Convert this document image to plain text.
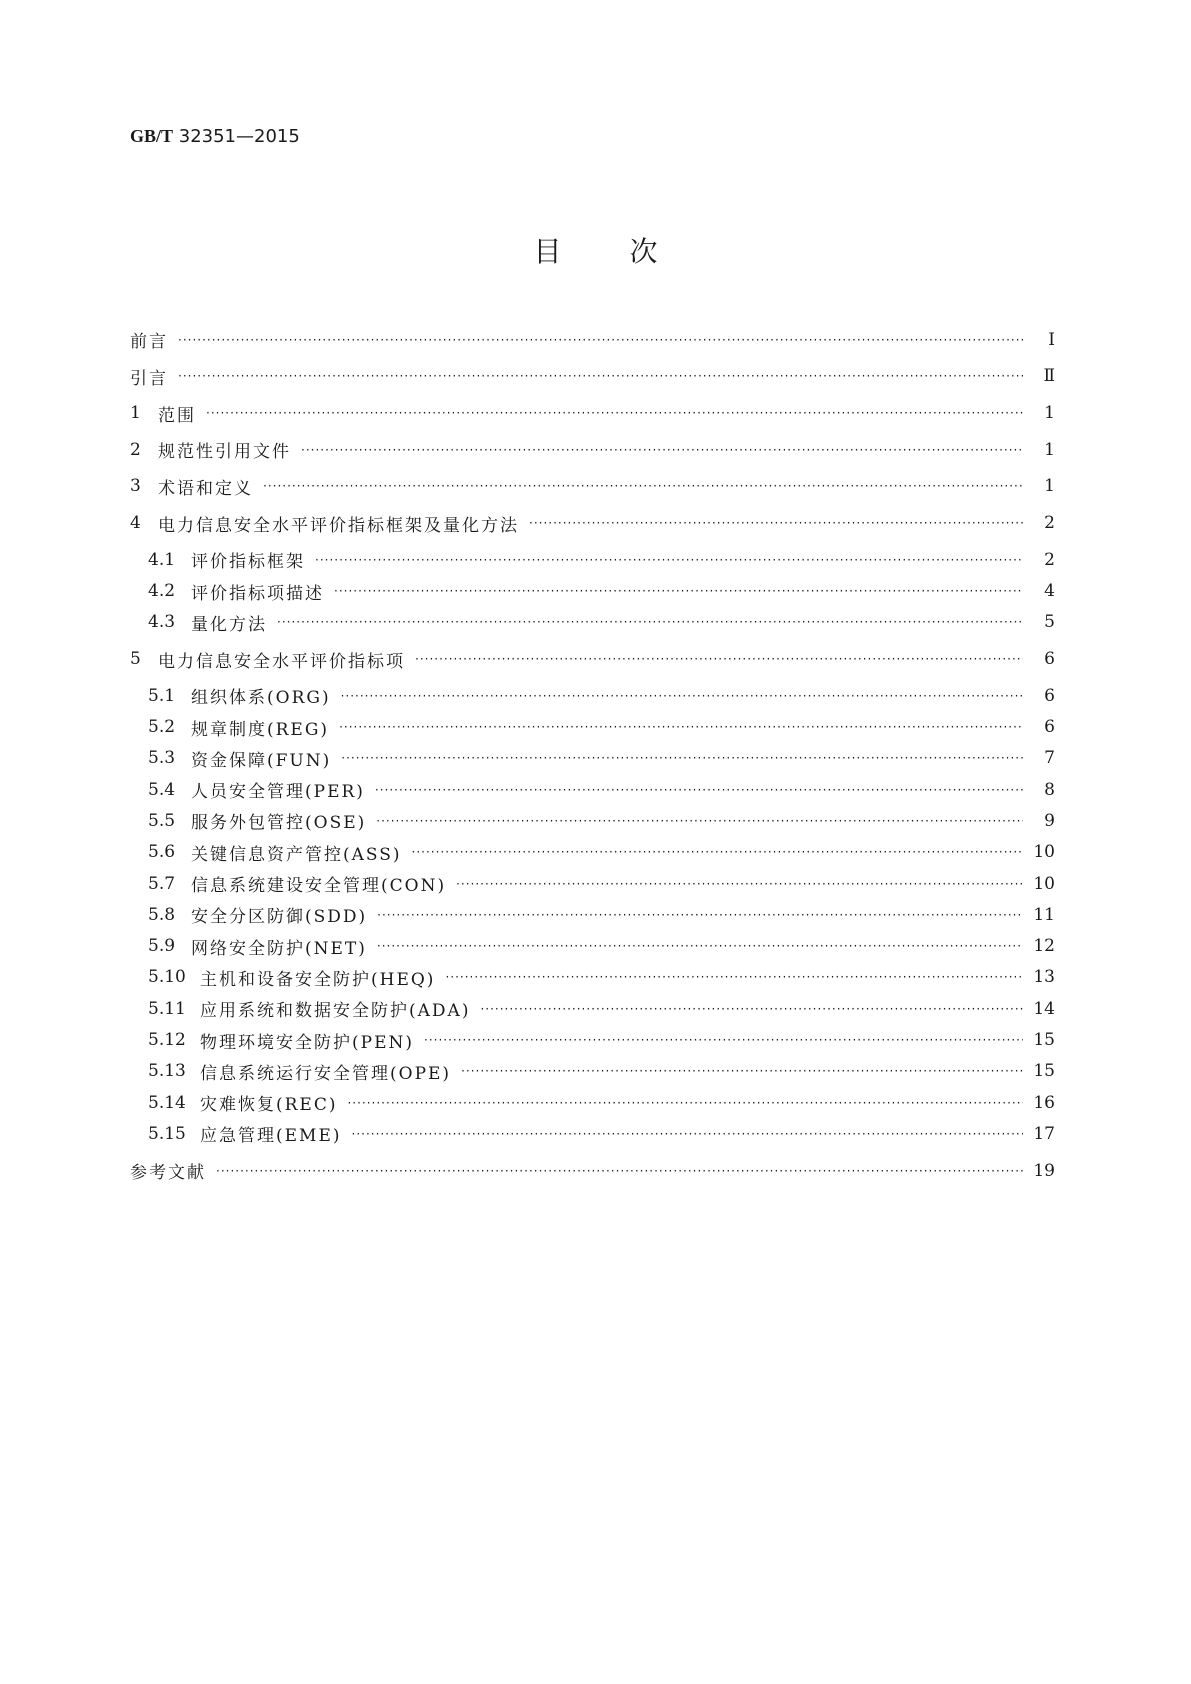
GB/T 32351—2015
目 次
前言 ·····	Ⅰ
引言 ·····	Ⅱ
1	范围 ·····	1
2	规范性引用文件 ·····	1
3	术语和定义 ·····	1
4	电力信息安全水平评价指标框架及量化方法 ·····	2
4.1 评价指标框架 ·····	2
4.2 评价指标项描述 ·····	4
4.3 量化方法 ·····	5
5	电力信息安全水平评价指标项 ·····	6
5.1 组织体系(ORG) ·····	6
5.2 规章制度(REG) ·····	6
5.3 资金保障(FUN) ·····	7
5.4 人员安全管理(PER) ·····	8
5.5 服务外包管控(OSE) ·····	9
5.6 关键信息资产管控(ASS) ·····	10
5.7 信息系统建设安全管理(CON) ·····	10
5.8 安全分区防御(SDD) ·····	11
5.9 网络安全防护(NET) ·····	12
5.10 主机和设备安全防护(HEQ) ·····	13
5.11 应用系统和数据安全防护(ADA) ·····	14
5.12 物理环境安全防护(PEN) ·····	15
5.13 信息系统运行安全管理(OPE) ·····	15
5.14 灾难恢复(REC) ·····	16
5.15 应急管理(EME) ·····	17
参考文献 ·····	19
